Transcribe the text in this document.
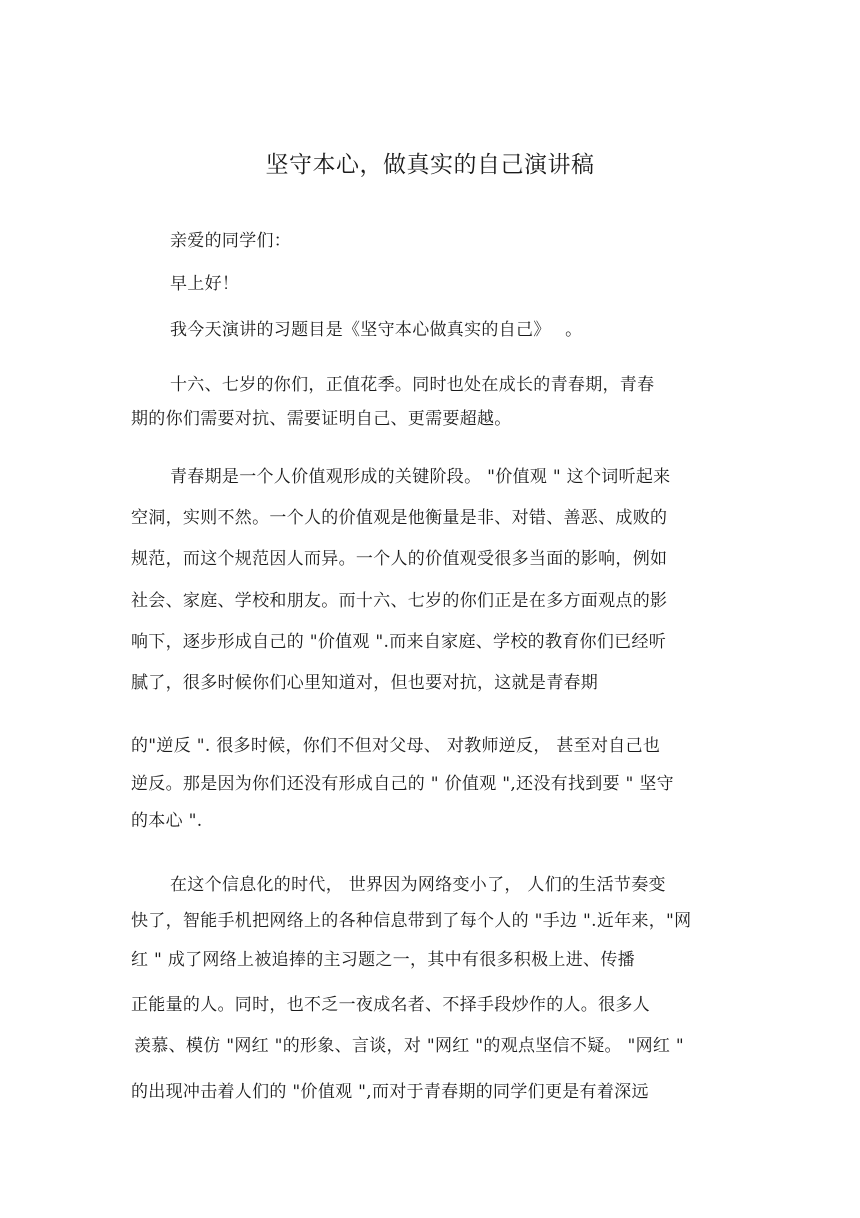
坚守本心，做真实的自己演讲稿
亲爱的同学们：
早上好！
我今天演讲的习题目是《坚守本心做真实的自己》　 。
十六、七岁的你们，正值花季。同时也处在成长的青春期，青春
期的你们需要对抗、需要证明自己、更需要超越。
青春期是一个人价值观形成的关键阶段。 "价值观 " 这个词听起来
空洞，实则不然。一个人的价值观是他衡量是非、对错、善恶、成败的
规范，而这个规范因人而异。一个人的价值观受很多当面的影响，例如
社会、家庭、学校和朋友。而十六、七岁的你们正是在多方面观点的影
响下，逐步形成自己的 "价值观 ".而来自家庭、学校的教育你们已经听
腻了，很多时候你们心里知道对，但也要对抗，这就是青春期
的"逆反 ". 很多时候，你们不但对父母、 对教师逆反， 甚至对自己也
逆反。那是因为你们还没有形成自己的 " 价值观 ",还没有找到要 " 坚守
的本心 ".
在这个信息化的时代， 世界因为网络变小了， 人们的生活节奏变
快了，智能手机把网络上的各种信息带到了每个人的 "手边 ".近年来，"网
红 " 成了网络上被追捧的主习题之一，其中有很多积极上进、传播
正能量的人。同时，也不乏一夜成名者、不择手段炒作的人。很多人
羡慕、模仿 "网红 "的形象、言谈，对 "网红 "的观点坚信不疑。 "网红 "
的出现冲击着人们的 "价值观 ",而对于青春期的同学们更是有着深远
